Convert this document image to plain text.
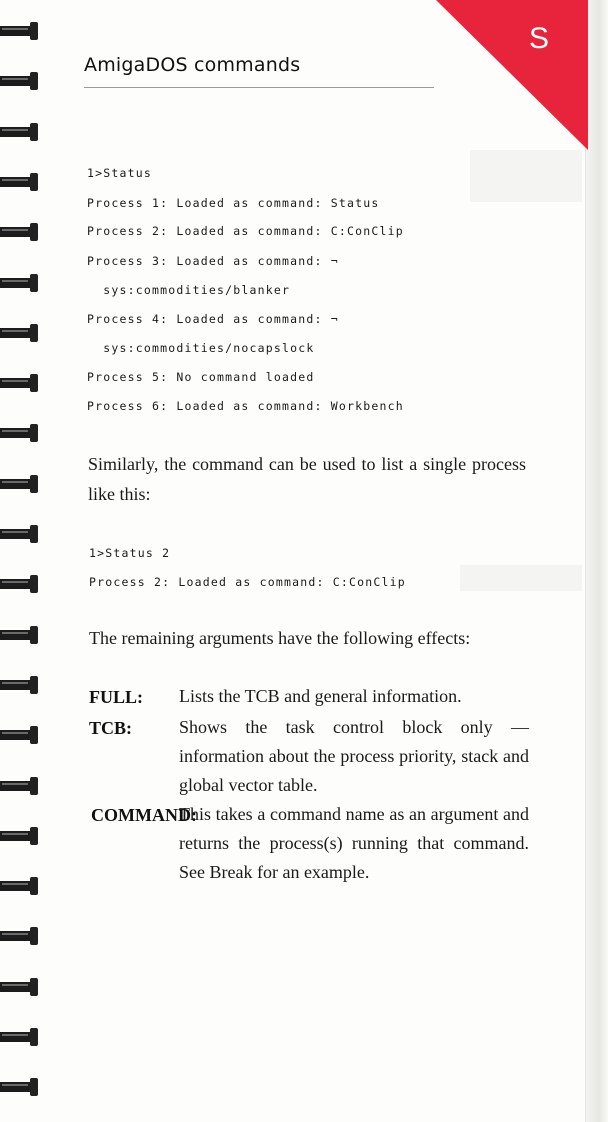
S
AmigaDOS commands
1>Status
Process 1: Loaded as command: Status
Process 2: Loaded as command: C:ConClip
Process 3: Loaded as command: ¬
sys:commodities/blanker
Process 4: Loaded as command: ¬
sys:commodities/nocapslock
Process 5: No command loaded
Process 6: Loaded as command: Workbench
Similarly, the command can be used to list a single process like this:
1>Status 2
Process 2: Loaded as command: C:ConClip
The remaining arguments have the following effects:
FULL: Lists the TCB and general information.
TCB:	Shows the task control block only — information about the process priority, stack and global vector table.
COMMAND:
This takes a command name as an argument and returns the process(s) running that command. See Break for an example.
